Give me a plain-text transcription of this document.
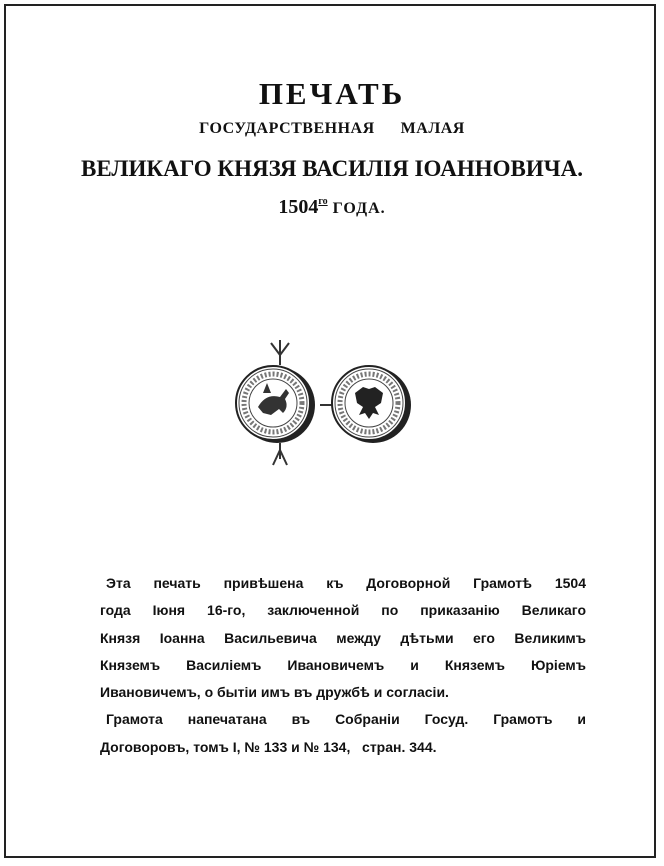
ПЕЧАТЬ
ГОСУДАРСТВЕННАЯ МАЛАЯ
ВЕЛИКАГО КНЯЗЯ ВАСИЛІЯ ІОАННОВИЧА.
$1504^{го}$ ГОДА.

Эта печать привѣшена къ Договорной Грамотѣ 1504
года Іюня 16-го, заключенной по приказанію Великаго
Князя Іоанна Васильевича между дѣтьми его Великимъ
Княземъ Василіемъ Ивановичемъ и Княземъ Юріемъ
Ивановичемъ, о бытіи имъ въ дружбѣ и согласіи.

Грамота напечатана въ Собраніи Госуд. Грамотъ и
Договоровъ, томъ I, № 133 и № 134,   стран. 344.
